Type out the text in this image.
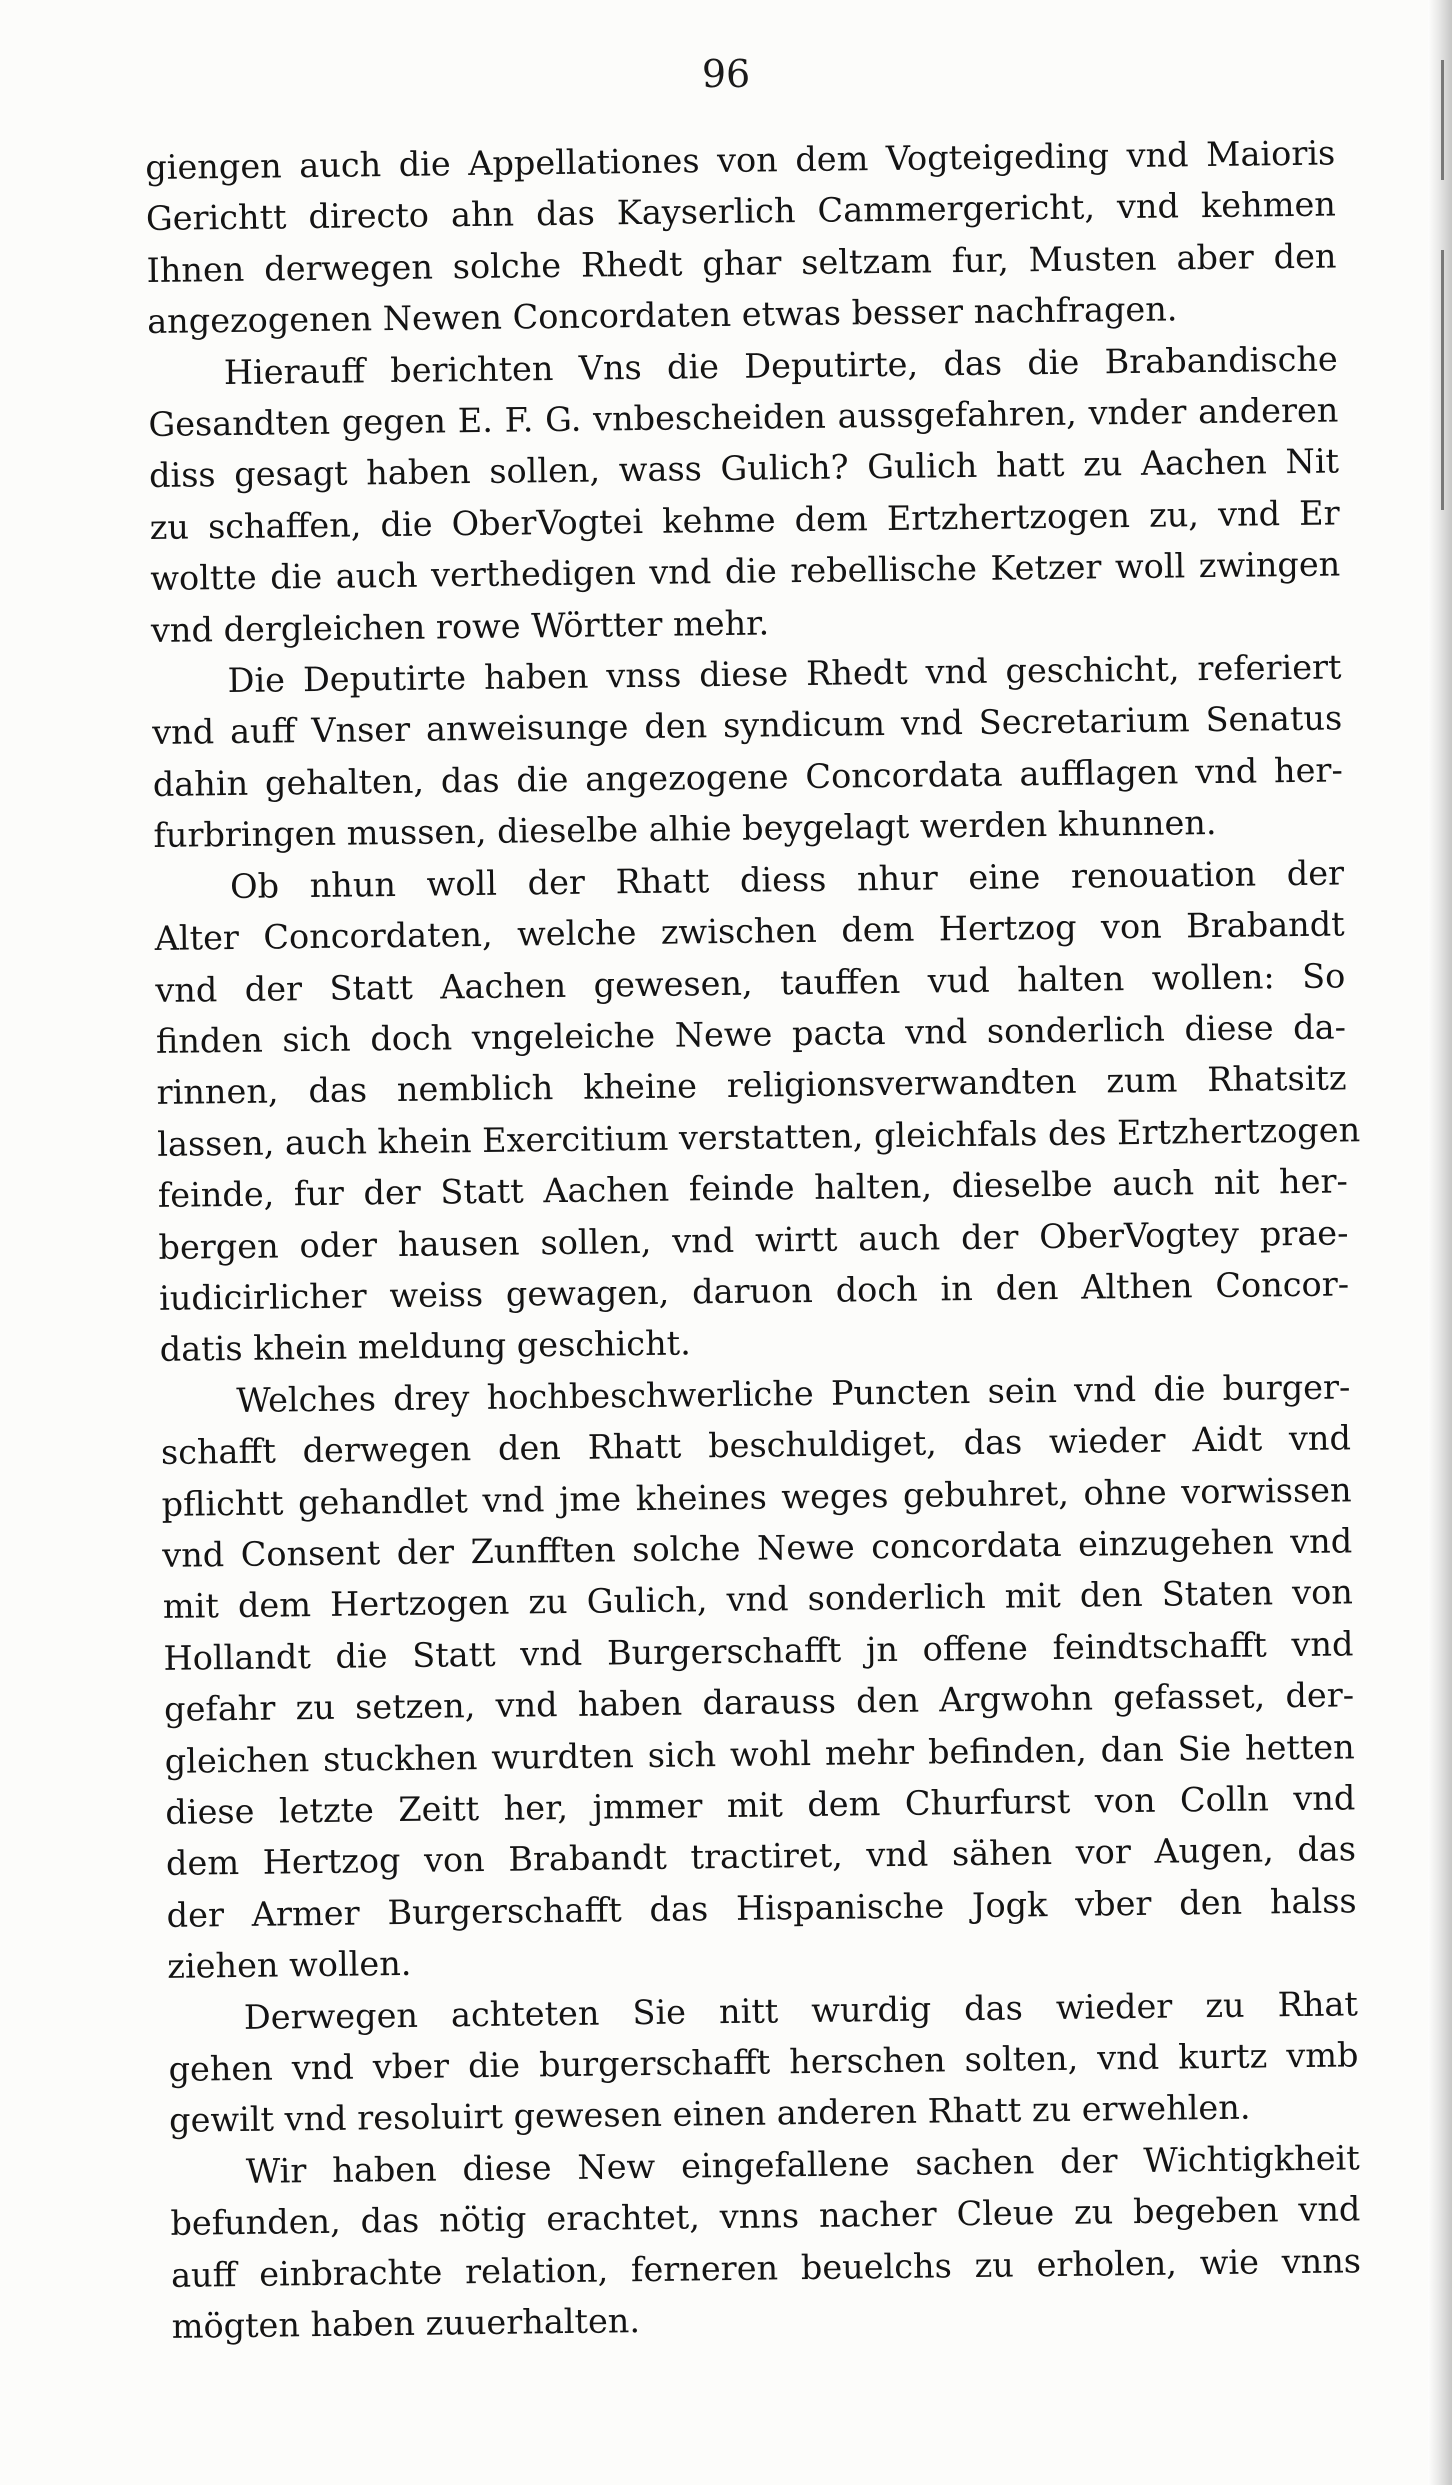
96
giengen auch die Appellationes von dem Vogteigeding vnd Maioris
Gerichtt directo ahn das Kayserlich Cammergericht, vnd kehmen
Ihnen derwegen solche Rhedt ghar seltzam fur, Musten aber den
angezogenen Newen Concordaten etwas besser nachfragen.
Hierauff berichten Vns die Deputirte, das die Brabandische
Gesandten gegen E. F. G. vnbescheiden aussgefahren, vnder anderen
diss gesagt haben sollen, wass Gulich? Gulich hatt zu Aachen Nit
zu schaffen, die OberVogtei kehme dem Ertzhertzogen zu, vnd Er
woltte die auch verthedigen vnd die rebellische Ketzer woll zwingen
vnd dergleichen rowe Wörtter mehr.
Die Deputirte haben vnss diese Rhedt vnd geschicht, referiert
vnd auff Vnser anweisunge den syndicum vnd Secretarium Senatus
dahin gehalten, das die angezogene Concordata aufflagen vnd her-
furbringen mussen, dieselbe alhie beygelagt werden khunnen.
Ob nhun woll der Rhatt diess nhur eine renouation der
Alter Concordaten, welche zwischen dem Hertzog von Brabandt
vnd der Statt Aachen gewesen, tauffen vud halten wollen: So
finden sich doch vngeleiche Newe pacta vnd sonderlich diese da-
rinnen, das nemblich kheine religionsverwandten zum Rhatsitz
lassen, auch khein Exercitium verstatten, gleichfals des Ertzhertzogen
feinde, fur der Statt Aachen feinde halten, dieselbe auch nit her-
bergen oder hausen sollen, vnd wirtt auch der OberVogtey prae-
iudicirlicher weiss gewagen, daruon doch in den Althen Concor-
datis khein meldung geschicht.
Welches drey hochbeschwerliche Puncten sein vnd die burger-
schafft derwegen den Rhatt beschuldiget, das wieder Aidt vnd
pflichtt gehandlet vnd jme kheines weges gebuhret, ohne vorwissen
vnd Consent der Zunfften solche Newe concordata einzugehen vnd
mit dem Hertzogen zu Gulich, vnd sonderlich mit den Staten von
Hollandt die Statt vnd Burgerschafft jn offene feindtschafft vnd
gefahr zu setzen, vnd haben darauss den Argwohn gefasset, der-
gleichen stuckhen wurdten sich wohl mehr befinden, dan Sie hetten
diese letzte Zeitt her, jmmer mit dem Churfurst von Colln vnd
dem Hertzog von Brabandt tractiret, vnd sähen vor Augen, das
der Armer Burgerschafft das Hispanische Jogk vber den halss
ziehen wollen.
Derwegen achteten Sie nitt wurdig das wieder zu Rhat
gehen vnd vber die burgerschafft herschen solten, vnd kurtz vmb
gewilt vnd resoluirt gewesen einen anderen Rhatt zu erwehlen.
Wir haben diese New eingefallene sachen der Wichtigkheit
befunden, das nötig erachtet, vnns nacher Cleue zu begeben vnd
auff einbrachte relation, ferneren beuelchs zu erholen, wie vnns
mögten haben zuuerhalten.
